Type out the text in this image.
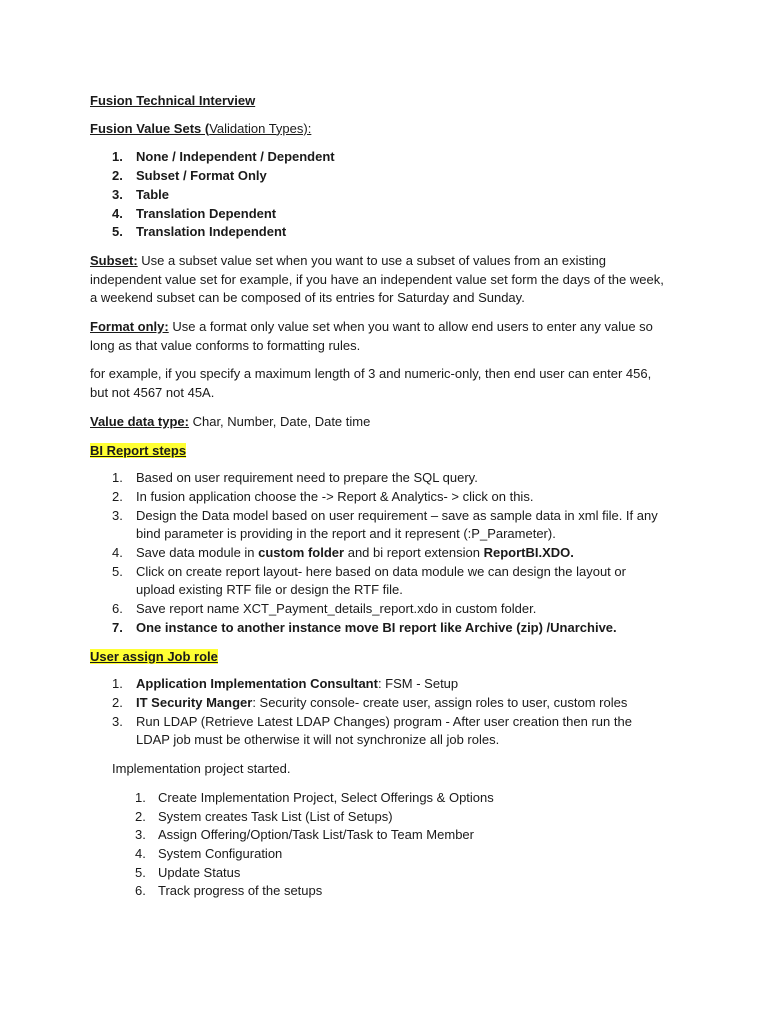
Fusion Technical Interview

Fusion Value Sets (Validation Types):

1. None / Independent / Dependent
2. Subset / Format Only
3. Table
4. Translation Dependent
5. Translation Independent

Subset: Use a subset value set when you want to use a subset of values from an existing independent value set for example, if you have an independent value set form the days of the week, a weekend subset can be composed of its entries for Saturday and Sunday.

Format only: Use a format only value set when you want to allow end users to enter any value so long as that value conforms to formatting rules.

for example, if you specify a maximum length of 3 and numeric-only, then end user can enter 456, but not 4567 not 45A.

Value data type: Char, Number, Date, Date time

BI Report steps

1. Based on user requirement need to prepare the SQL query.
2. In fusion application choose the -> Report & Analytics- > click on this.
3. Design the Data model based on user requirement – save as sample data in xml file. If any bind parameter is providing in the report and it represent (:P_Parameter).
4. Save data module in custom folder and bi report extension ReportBI.XDO.
5. Click on create report layout- here based on data module we can design the layout or upload existing RTF file or design the RTF file.
6. Save report name XCT_Payment_details_report.xdo in custom folder.
7. One instance to another instance move BI report like Archive (zip) /Unarchive.

User assign Job role

1. Application Implementation Consultant: FSM - Setup
2. IT Security Manger: Security console- create user, assign roles to user, custom roles
3. Run LDAP (Retrieve Latest LDAP Changes) program - After user creation then run the LDAP job must be otherwise it will not synchronize all job roles.

Implementation project started.

1. Create Implementation Project, Select Offerings & Options
2. System creates Task List (List of Setups)
3. Assign Offering/Option/Task List/Task to Team Member
4. System Configuration
5. Update Status
6. Track progress of the setups
